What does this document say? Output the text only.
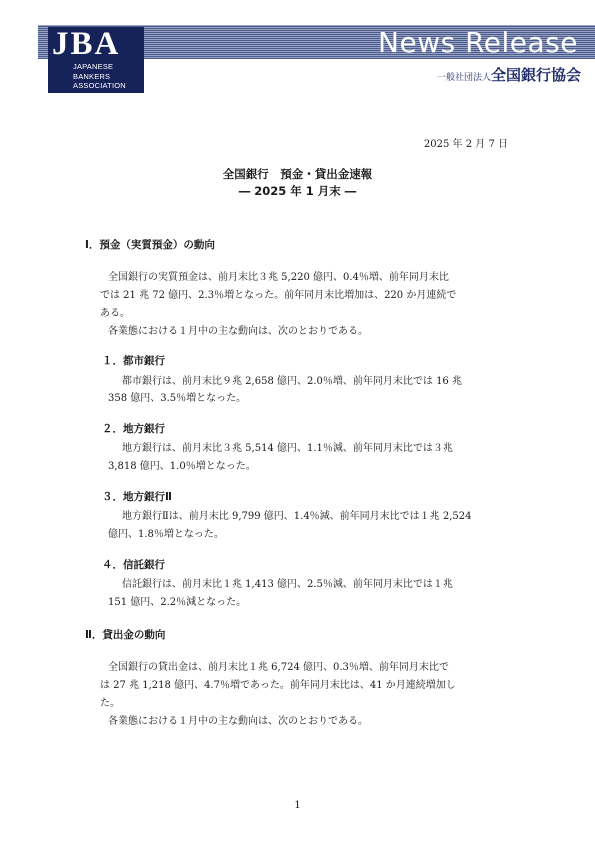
News Release
JBA
JAPANESE
BANKERS
ASSOCIATION
一般社団法人全国銀行協会
2025 年 2 月 7 日
全国銀行　預金・貸出金速報
― 2025 年 1 月末 ―
Ⅰ．預金（実質預金）の動向
全国銀行の実質預金は、前月末比３兆 5,220 億円、0.4％増、前年同月末比
では 21 兆 72 億円、2.3％増となった。前年同月末比増加は、220 か月連続で
ある。
各業態における１月中の主な動向は、次のとおりである。
１．都市銀行
都市銀行は、前月末比９兆 2,658 億円、2.0％増、前年同月末比では 16 兆
358 億円、3.5％増となった。
２．地方銀行
地方銀行は、前月末比３兆 5,514 億円、1.1％減、前年同月末比では３兆
3,818 億円、1.0％増となった。
３．地方銀行Ⅱ
地方銀行Ⅱは、前月末比 9,799 億円、1.4％減、前年同月末比では１兆 2,524
億円、1.8％増となった。
４．信託銀行
信託銀行は、前月末比１兆 1,413 億円、2.5％減、前年同月末比では１兆
151 億円、2.2％減となった。
Ⅱ．貸出金の動向
全国銀行の貸出金は、前月末比１兆 6,724 億円、0.3％増、前年同月末比で
は 27 兆 1,218 億円、4.7％増であった。前年同月末比は、41 か月連続増加し
た。
各業態における１月中の主な動向は、次のとおりである。
1
